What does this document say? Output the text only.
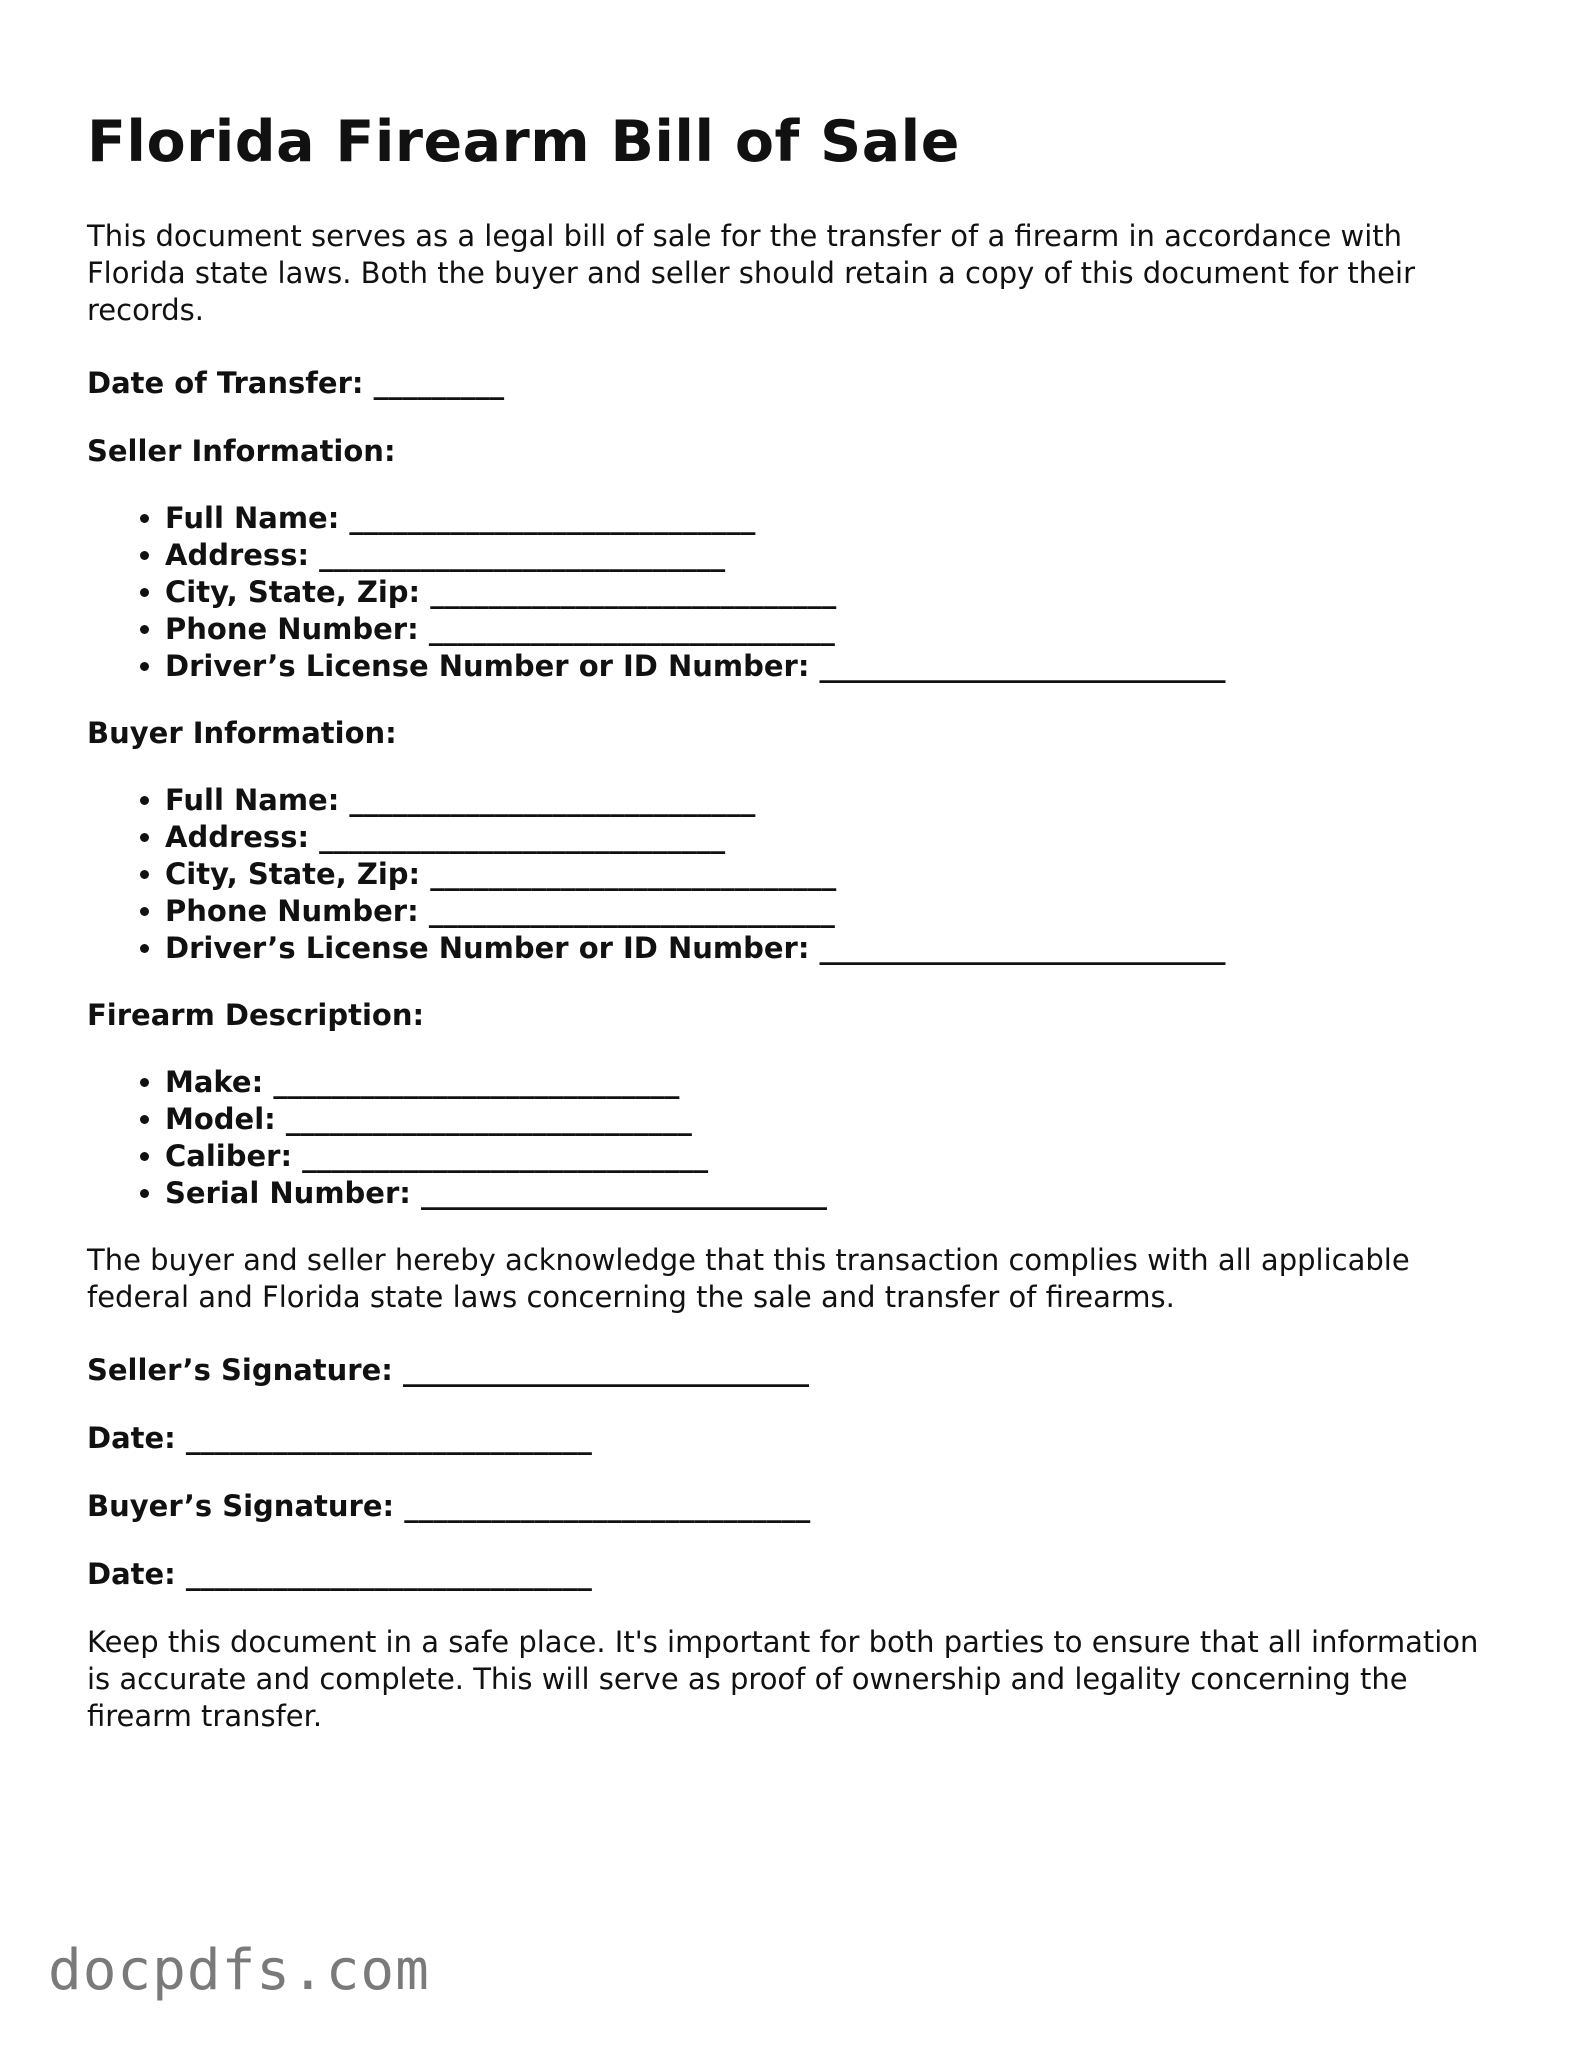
Florida Firearm Bill of Sale

This document serves as a legal bill of sale for the transfer of a firearm in accordance with Florida state laws. Both the buyer and seller should retain a copy of this document for their records.

Date of Transfer: _________

Seller Information:

• Full Name: ____________________________
• Address: ____________________________
• City, State, Zip: ____________________________
• Phone Number: ____________________________
• Driver’s License Number or ID Number: ____________________________

Buyer Information:

• Full Name: ____________________________
• Address: ____________________________
• City, State, Zip: ____________________________
• Phone Number: ____________________________
• Driver’s License Number or ID Number: ____________________________

Firearm Description:

• Make: ____________________________
• Model: ____________________________
• Caliber: ____________________________
• Serial Number: ____________________________

The buyer and seller hereby acknowledge that this transaction complies with all applicable federal and Florida state laws concerning the sale and transfer of firearms.

Seller’s Signature: ____________________________

Date: ____________________________

Buyer’s Signature: ____________________________

Date: ____________________________

Keep this document in a safe place. It's important for both parties to ensure that all information is accurate and complete. This will serve as proof of ownership and legality concerning the firearm transfer.

docpdfs.com
